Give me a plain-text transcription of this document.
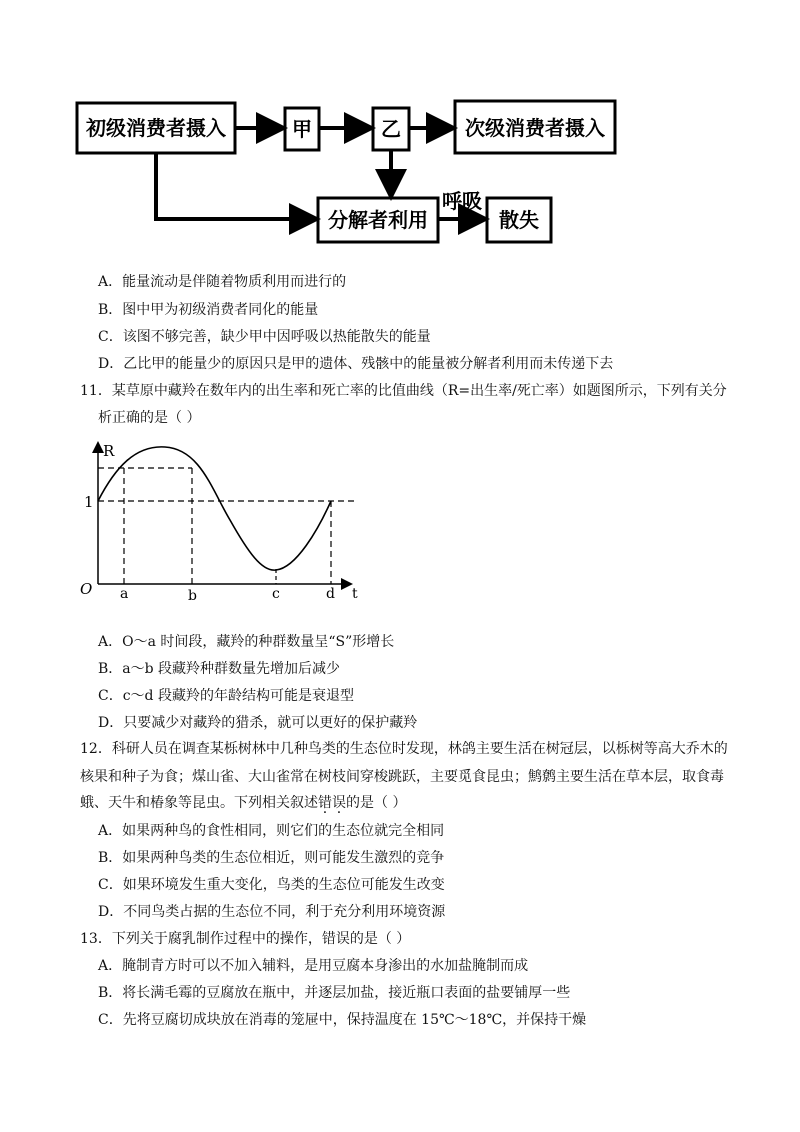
初级消费者摄入	甲	乙	次级消费者摄入
分解者利用	散失
呼吸
A．能量流动是伴随着物质利用而进行的
B．图中甲为初级消费者同化的能量
C．该图不够完善，缺少甲中因呼吸以热能散失的能量
D．乙比甲的能量少的原因只是甲的遗体、残骸中的能量被分解者利用而未传递下去
11．某草原中藏羚在数年内的出生率和死亡率的比值曲线（R=出生率/死亡率）如题图所示，下列有关分
析正确的是（ ）
R
1
O a	b	c	d t
A．O～a 时间段，藏羚的种群数量呈“S”形增长
B．a～b 段藏羚种群数量先增加后减少
C．c～d 段藏羚的年龄结构可能是衰退型
D．只要减少对藏羚的猎杀，就可以更好的保护藏羚
12．科研人员在调查某栎树林中几种鸟类的生态位时发现，林鸽主要生活在树冠层，以栎树等高大乔木的
核果和种子为食；煤山雀、大山雀常在树枝间穿梭跳跃，主要觅食昆虫；鹪鹩主要生活在草本层，取食毒
蛾、天牛和椿象等昆虫。下列相关叙述错误的是（ ）
A．如果两种鸟的食性相同，则它们的生态位就完全相同
B．如果两种鸟类的生态位相近，则可能发生激烈的竞争
C．如果环境发生重大变化，鸟类的生态位可能发生改变
D．不同鸟类占据的生态位不同，利于充分利用环境资源
13．下列关于腐乳制作过程中的操作，错误的是（ ）
A．腌制青方时可以不加入辅料，是用豆腐本身渗出的水加盐腌制而成
B．将长满毛霉的豆腐放在瓶中，并逐层加盐，接近瓶口表面的盐要铺厚一些
C．先将豆腐切成块放在消毒的笼屉中，保持温度在 15℃～18℃，并保持干燥
